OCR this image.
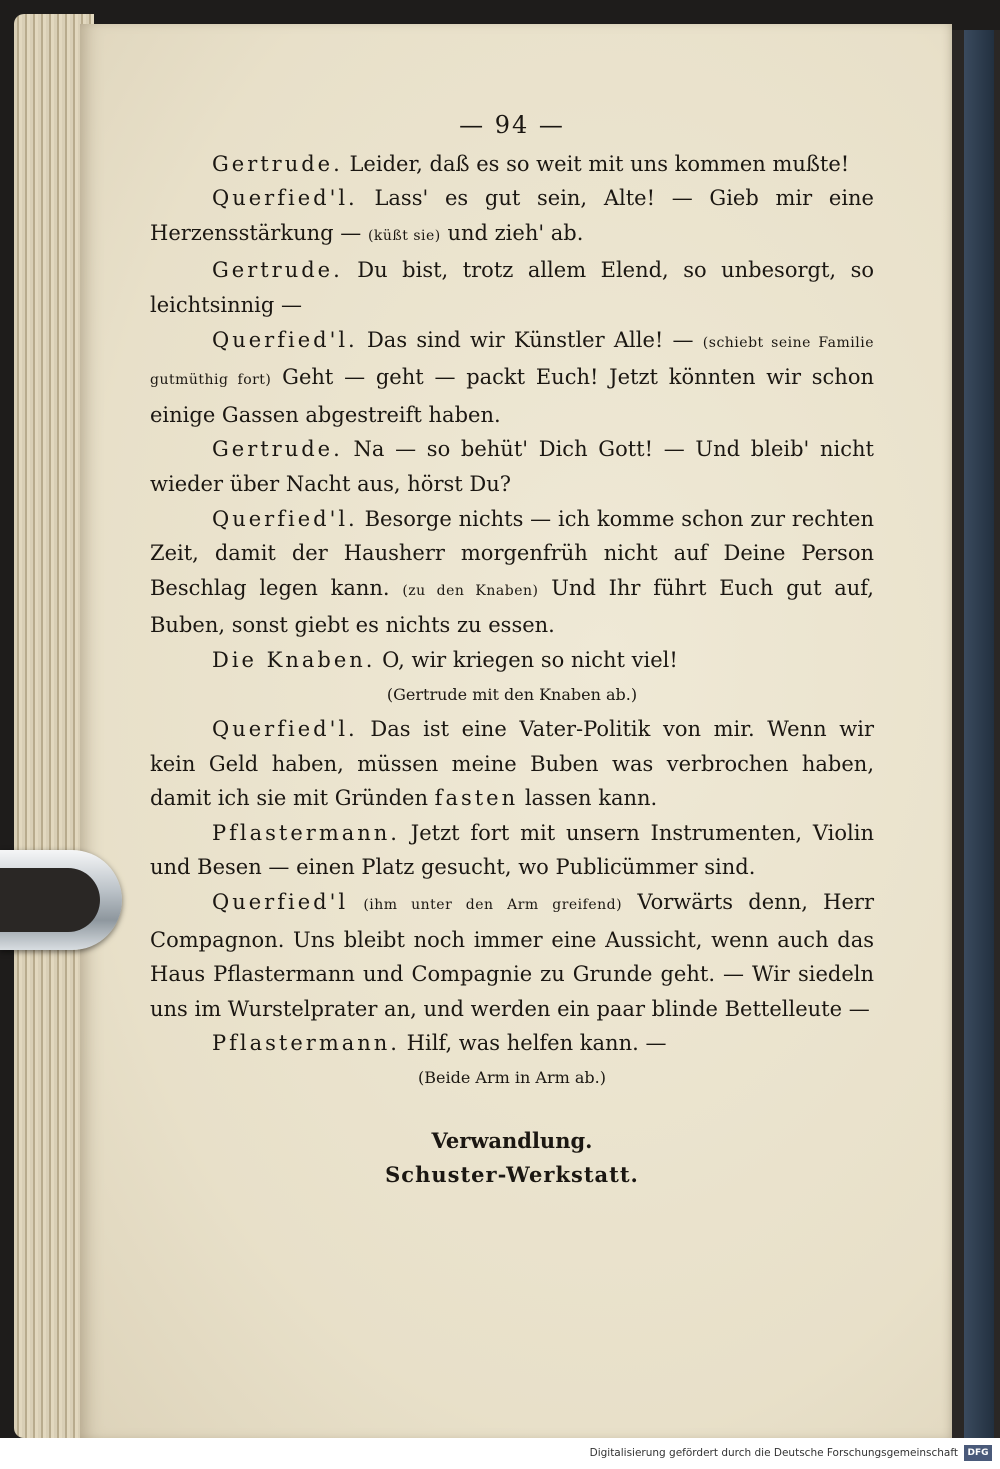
— 94 —

Gertrude. Leider, daß es so weit mit uns kommen mußte!

Querfied'l. Lass' es gut sein, Alte! — Gieb mir eine Herzensstärkung — (küßt sie) und zieh' ab.

Gertrude. Du bist, trotz allem Elend, so unbesorgt, so leichtsinnig —

Querfied'l. Das sind wir Künstler Alle! — (schiebt seine Familie gutmüthig fort) Geht — geht — packt Euch! Jetzt könnten wir schon einige Gassen abgestreift haben.

Gertrude. Na — so behüt' Dich Gott! — Und bleib' nicht wieder über Nacht aus, hörst Du?

Querfied'l. Besorge nichts — ich komme schon zur rechten Zeit, damit der Hausherr morgenfrüh nicht auf Deine Person Beschlag legen kann. (zu den Knaben) Und Ihr führt Euch gut auf, Buben, sonst giebt es nichts zu essen.

Die Knaben. O, wir kriegen so nicht viel!

(Gertrude mit den Knaben ab.)

Querfied'l. Das ist eine Vater-Politik von mir. Wenn wir kein Geld haben, müssen meine Buben was verbrochen haben, damit ich sie mit Gründen fasten lassen kann.

Pflastermann. Jetzt fort mit unsern Instrumenten, Violin und Besen — einen Platz gesucht, wo Publicümmer sind.

Querfied'l (ihm unter den Arm greifend) Vorwärts denn, Herr Compagnon. Uns bleibt noch immer eine Aussicht, wenn auch das Haus Pflastermann und Compagnie zu Grunde geht. — Wir siedeln uns im Wurstelprater an, und werden ein paar blinde Bettelleute —

Pflastermann. Hilf, was helfen kann. —

(Beide Arm in Arm ab.)

Verwandlung.

Schuster-Werkstatt.

Digitalisierung gefördert durch die Deutsche Forschungsgemeinschaft	DFG
